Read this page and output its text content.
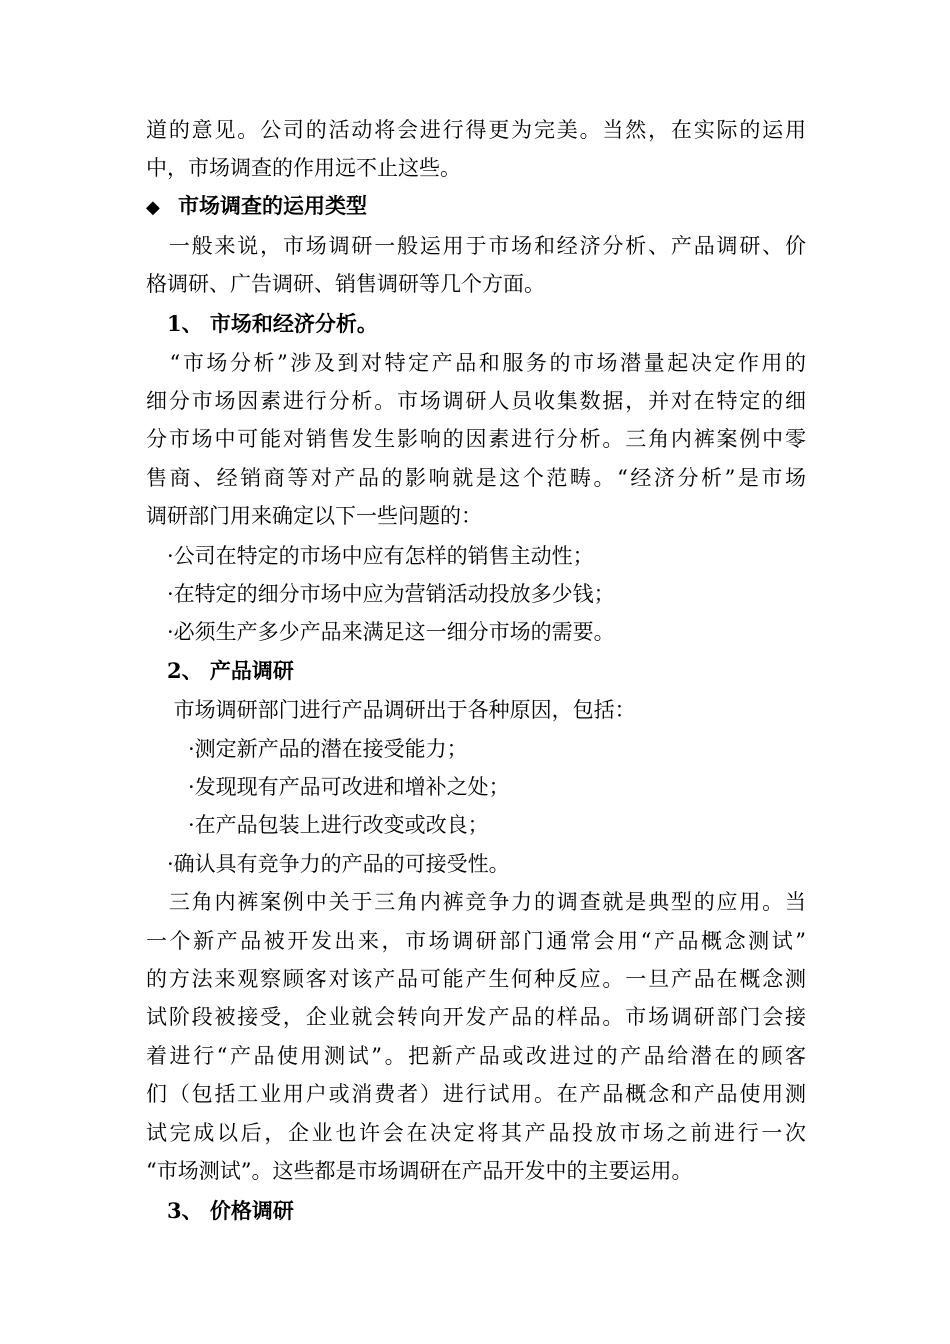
道的意见。公司的活动将会进行得更为完美。当然，在实际的运用
中，市场调查的作用远不止这些。
◆ 市场调查的运用类型
　一般来说，市场调研一般运用于市场和经济分析、产品调研、价
格调研、广告调研、销售调研等几个方面。
　1、 市场和经济分析。
　“市场分析”涉及到对特定产品和服务的市场潜量起决定作用的
细分市场因素进行分析。市场调研人员收集数据，并对在特定的细
分市场中可能对销售发生影响的因素进行分析。三角内裤案例中零
售商、经销商等对产品的影响就是这个范畴。“经济分析”是市场
调研部门用来确定以下一些问题的：
　·公司在特定的市场中应有怎样的销售主动性；
　·在特定的细分市场中应为营销活动投放多少钱；
　·必须生产多少产品来满足这一细分市场的需要。
　2、 产品调研
　 市场调研部门进行产品调研出于各种原因，包括：
　　·测定新产品的潜在接受能力；
　　·发现现有产品可改进和增补之处；
　　·在产品包装上进行改变或改良；
　·确认具有竞争力的产品的可接受性。
　三角内裤案例中关于三角内裤竞争力的调查就是典型的应用。当
一个新产品被开发出来，市场调研部门通常会用“产品概念测试”
的方法来观察顾客对该产品可能产生何种反应。一旦产品在概念测
试阶段被接受，企业就会转向开发产品的样品。市场调研部门会接
着进行“产品使用测试”。把新产品或改进过的产品给潜在的顾客
们（包括工业用户或消费者）进行试用。在产品概念和产品使用测
试完成以后，企业也许会在决定将其产品投放市场之前进行一次
“市场测试”。这些都是市场调研在产品开发中的主要运用。
　3、 价格调研
